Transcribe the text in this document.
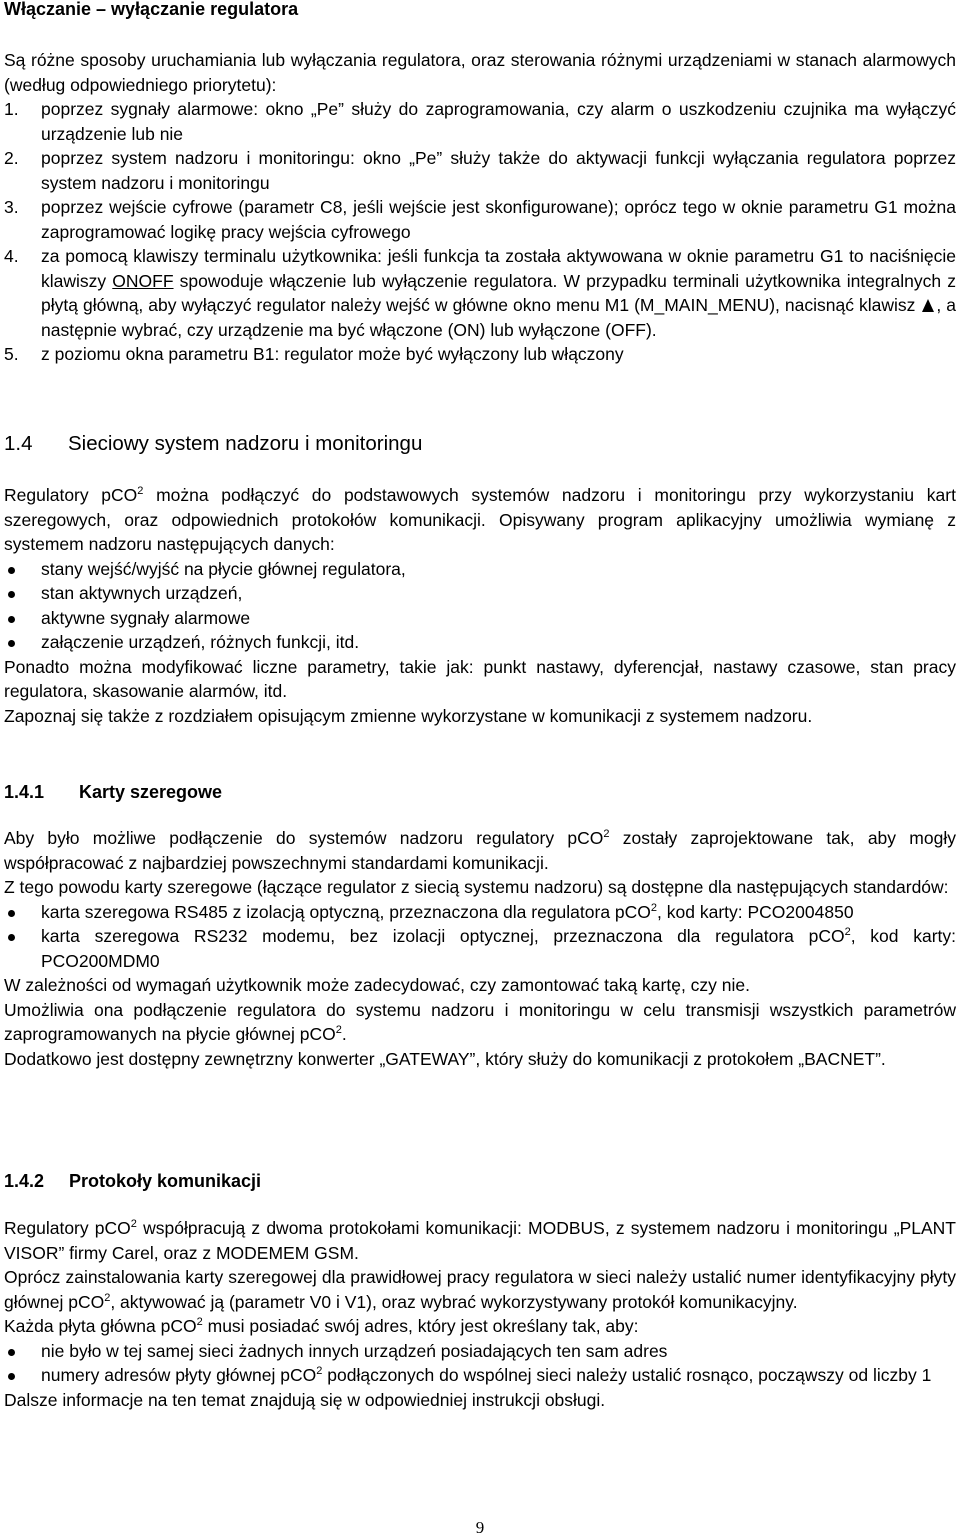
Włączanie – wyłączanie regulatora

Są różne sposoby uruchamiania lub wyłączania regulatora, oraz sterowania różnymi urządzeniami w stanach alarmowych (według odpowiedniego priorytetu):

1. poprzez sygnały alarmowe: okno „Pe” służy do zaprogramowania, czy alarm o uszkodzeniu czujnika ma wyłączyć urządzenie lub nie
2. poprzez system nadzoru i monitoringu: okno „Pe” służy także do aktywacji funkcji wyłączania regulatora poprzez system nadzoru i monitoringu
3. poprzez wejście cyfrowe (parametr C8, jeśli wejście jest skonfigurowane); oprócz tego w oknie parametru G1 można zaprogramować logikę pracy wejścia cyfrowego
4. za pomocą klawiszy terminalu użytkownika: jeśli funkcja ta została aktywowana w oknie parametru G1 to naciśnięcie klawiszy ONOFF spowoduje włączenie lub wyłączenie regulatora. W przypadku terminali użytkownika integralnych z płytą główną, aby wyłączyć regulator należy wejść w główne okno menu M1 (M_MAIN_MENU), nacisnąć klawisz , a następnie wybrać, czy urządzenie ma być włączone (ON) lub wyłączone (OFF).
5. z poziomu okna parametru B1: regulator może być wyłączony lub włączony
1.4 Sieciowy system nadzoru i monitoringu

Regulatory pCO$^2$ można podłączyć do podstawowych systemów nadzoru i monitoringu przy wykorzystaniu kart szeregowych, oraz odpowiednich protokołów komunikacji. Opisywany program aplikacyjny umożliwia wymianę z systemem nadzoru następujących danych:

stany wejść/wyjść na płycie głównej regulatora,
stan aktywnych urządzeń,
aktywne sygnały alarmowe
załączenie urządzeń, różnych funkcji, itd.

Ponadto można modyfikować liczne parametry, takie jak: punkt nastawy, dyferencjał, nastawy czasowe, stan pracy regulatora, skasowanie alarmów, itd.

Zapoznaj się także z rozdziałem opisującym zmienne wykorzystane w komunikacji z systemem nadzoru.

1.4.1 Karty szeregowe

Aby było możliwe podłączenie do systemów nadzoru regulatory pCO$^2$ zostały zaprojektowane tak, aby mogły współpracować z najbardziej powszechnymi standardami komunikacji.

Z tego powodu karty szeregowe (łączące regulator z siecią systemu nadzoru) są dostępne dla następujących standardów:

karta szeregowa RS485 z izolacją optyczną, przeznaczona dla regulatora pCO$^2$, kod karty: PCO2004850
karta szeregowa RS232 modemu, bez izolacji optycznej, przeznaczona dla regulatora pCO$^2$, kod karty: PCO200MDM0

W zależności od wymagań użytkownik może zadecydować, czy zamontować taką kartę, czy nie.

Umożliwia ona podłączenie regulatora do systemu nadzoru i monitoringu w celu transmisji wszystkich parametrów zaprogramowanych na płycie głównej pCO$^2$.

Dodatkowo jest dostępny zewnętrzny konwerter „GATEWAY”, który służy do komunikacji z protokołem „BACNET”.

1.4.2 Protokoły komunikacji

Regulatory pCO$^2$ współpracują z dwoma protokołami komunikacji: MODBUS, z systemem nadzoru i monitoringu „PLANT VISOR” firmy Carel, oraz z MODEMEM GSM.

Oprócz zainstalowania karty szeregowej dla prawidłowej pracy regulatora w sieci należy ustalić numer identyfikacyjny płyty głównej pCO$^2$, aktywować ją (parametr V0 i V1), oraz wybrać wykorzystywany protokół komunikacyjny.

Każda płyta główna pCO$^2$ musi posiadać swój adres, który jest określany tak, aby:

nie było w tej samej sieci żadnych innych urządzeń posiadających ten sam adres
numery adresów płyty głównej pCO$^2$ podłączonych do wspólnej sieci należy ustalić rosnąco, począwszy od liczby 1

Dalsze informacje na ten temat znajdują się w odpowiedniej instrukcji obsługi.

9
